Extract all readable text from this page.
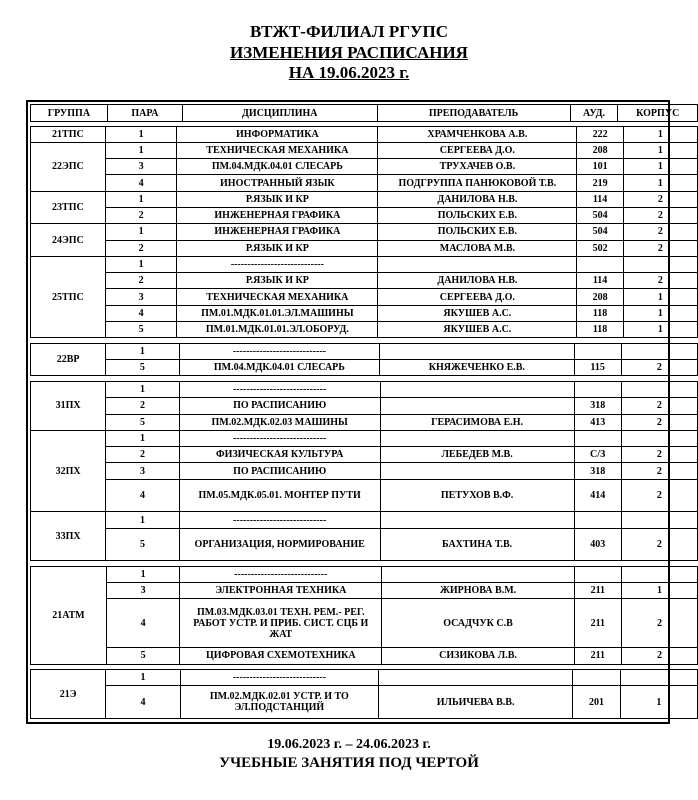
ВТЖТ-ФИЛИАЛ РГУПС
ИЗМЕНЕНИЯ РАСПИСАНИЯ
НА 19.06.2023 г.
ГРУППА	ПАРА	ДИСЦИПЛИНА	ПРЕПОДАВАТЕЛЬ	АУД.	КОРПУС
21ТПС	1	ИНФОРМАТИКА	ХРАМЧЕНКОВА А.В.	222	1
22ЭПС	1	ТЕХНИЧЕСКАЯ МЕХАНИКА	СЕРГЕЕВА Д.О.	208	1
	3	ПМ.04.МДК.04.01 СЛЕСАРЬ	ТРУХАЧЕВ О.В.	101	1
	4	ИНОСТРАННЫЙ ЯЗЫК	ПОДГРУППА ПАНЮКОВОЙ Т.В.	219	1
23ТПС	1	Р.ЯЗЫК И КР	ДАНИЛОВА Н.В.	114	2
	2	ИНЖЕНЕРНАЯ ГРАФИКА	ПОЛЬСКИХ Е.В.	504	2
24ЭПС	1	ИНЖЕНЕРНАЯ ГРАФИКА	ПОЛЬСКИХ Е.В.	504	2
	2	Р.ЯЗЫК И КР	МАСЛОВА М.В.	502	2
25ТПС	1	----------------------------			
	2	Р.ЯЗЫК И КР	ДАНИЛОВА Н.В.	114	2
	3	ТЕХНИЧЕСКАЯ МЕХАНИКА	СЕРГЕЕВА Д.О.	208	1
	4	ПМ.01.МДК.01.01.ЭЛ.МАШИНЫ	ЯКУШЕВ А.С.	118	1
	5	ПМ.01.МДК.01.01.ЭЛ.ОБОРУД.	ЯКУШЕВ А.С.	118	1
22ВР	1	----------------------------			
	5	ПМ.04.МДК.04.01 СЛЕСАРЬ	КНЯЖЕЧЕНКО Е.В.	115	2
31ПХ	1	----------------------------			
	2	ПО РАСПИСАНИЮ		318	2
	5	ПМ.02.МДК.02.03 МАШИНЫ	ГЕРАСИМОВА Е.Н.	413	2
32ПХ	1	----------------------------			
	2	ФИЗИЧЕСКАЯ КУЛЬТУРА	ЛЕБЕДЕВ М.В.	С/З	2
	3	ПО РАСПИСАНИЮ		318	2
	4	ПМ.05.МДК.05.01. МОНТЕР ПУТИ	ПЕТУХОВ В.Ф.	414	2
33ПХ	1	----------------------------			
	5	ОРГАНИЗАЦИЯ, НОРМИРОВАНИЕ	БАХТИНА Т.В.	403	2
21АТМ	1	----------------------------			
	3	ЭЛЕКТРОННАЯ ТЕХНИКА	ЖИРНОВА В.М.	211	1
	4	ПМ.03.МДК.03.01 ТЕХН. РЕМ.- РЕГ. РАБОТ УСТР. И ПРИБ. СИСТ. СЦБ И ЖАТ	ОСАДЧУК С.В	211	2
	5	ЦИФРОВАЯ СХЕМОТЕХНИКА	СИЗИКОВА Л.В.	211	2
21Э	1	----------------------------			
	4	ПМ.02.МДК.02.01 УСТР. И ТО ЭЛ.ПОДСТАНЦИЙ	ИЛЬИЧЕВА В.В.	201	1
19.06.2023 г. – 24.06.2023 г.
УЧЕБНЫЕ ЗАНЯТИЯ ПОД ЧЕРТОЙ
